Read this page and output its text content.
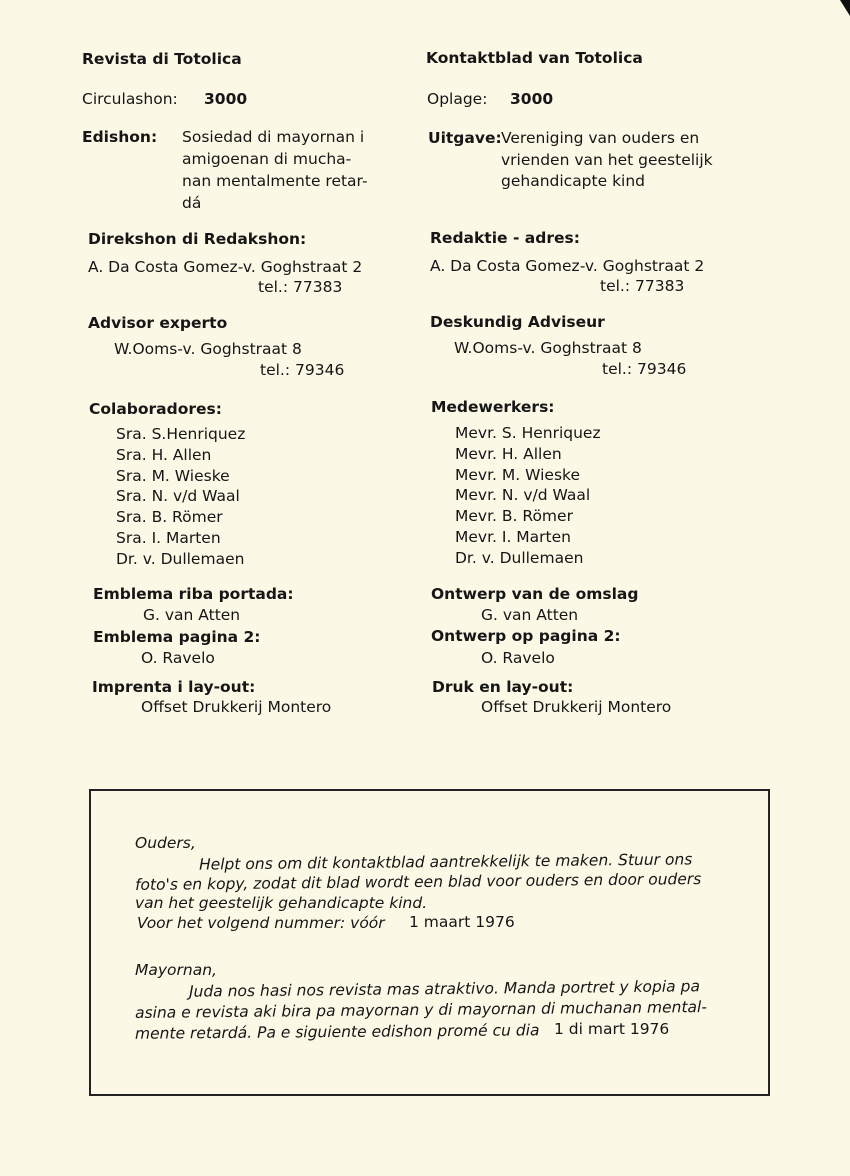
Revista di Totolica
Circulashon: 3000
Edishon: Sosiedad di mayornan i
amigoenan di mucha-
nan mentalmente retar-
dá
Direkshon di Redakshon:
A. Da Costa Gomez-v. Goghstraat 2
tel.: 77383
Advisor experto
W.Ooms-v. Goghstraat 8
tel.: 79346
Colaboradores:
Sra. S.Henriquez
Sra. H. Allen
Sra. M. Wieske
Sra. N. v/d Waal
Sra. B. Römer
Sra. I. Marten
Dr. v. Dullemaen
Emblema riba portada:
G. van Atten
Emblema pagina 2:
O. Ravelo
Imprenta i lay-out:
Offset Drukkerij Montero
Kontaktblad van Totolica
Oplage: 3000
Uitgave: Vereniging van ouders en
vrienden van het geestelijk
gehandicapte kind
Redaktie - adres:
A. Da Costa Gomez-v. Goghstraat 2
tel.: 77383
Deskundig Adviseur
W.Ooms-v. Goghstraat 8
tel.: 79346
Medewerkers:
Mevr. S. Henriquez
Mevr. H. Allen
Mevr. M. Wieske
Mevr. N. v/d Waal
Mevr. B. Römer
Mevr. I. Marten
Dr. v. Dullemaen
Ontwerp van de omslag
G. van Atten
Ontwerp op pagina 2:
O. Ravelo
Druk en lay-out:
Offset Drukkerij Montero
Ouders,
Helpt ons om dit kontaktblad aantrekkelijk te maken. Stuur ons
foto's en kopy, zodat dit blad wordt een blad voor ouders en door ouders
van het geestelijk gehandicapte kind.
Voor het volgend nummer: vóór 1 maart 1976
Mayornan,
Juda nos hasi nos revista mas atraktivo. Manda portret y kopia pa
asina e revista aki bira pa mayornan y di mayornan di muchanan mental-
mente retardá. Pa e siguiente edishon promé cu dia 1 di mart 1976
